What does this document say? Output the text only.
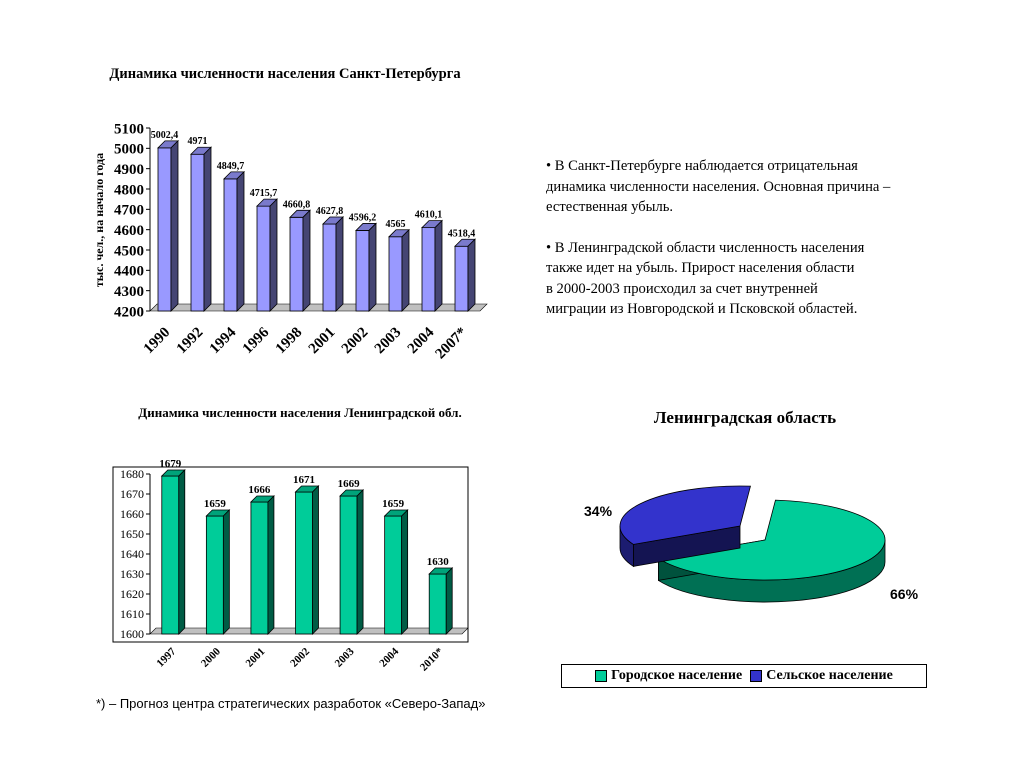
Динамика численности населения Санкт-Петербурга
4200
4300
4400
4500
4600
4700
4800
4900
5000
5100 5002,4
1990
4971
1992
4849,7
1994
4715,7
1996
4660,8
1998
4627,8
2001
4596,2
2002
4565
2003
4610,1
2004
4518,4
2007*
тыс. чел., на начало года
Динамика численности населения Ленинградской обл.
1600
1610
1620
1630
1640
1650
1660
1670
1680
1679
1997
1659
2000
1666
2001
1671
2002
1669
2003
1659
2004
1630
2010*

• В Санкт-Петербурге наблюдается отрицательная
динамика численности населения. Основная причина –
естественная убыль.

• В Ленинградской области численность населения
также идет на убыль. Прирост населения области
в 2000-2003 происходил за счет внутренней
миграции из Новгородской и Псковской областей.

Ленинградская область
66%
34%
Городское население	Сельское население
*) – Прогноз центра стратегических разработок «Северо-Запад»
